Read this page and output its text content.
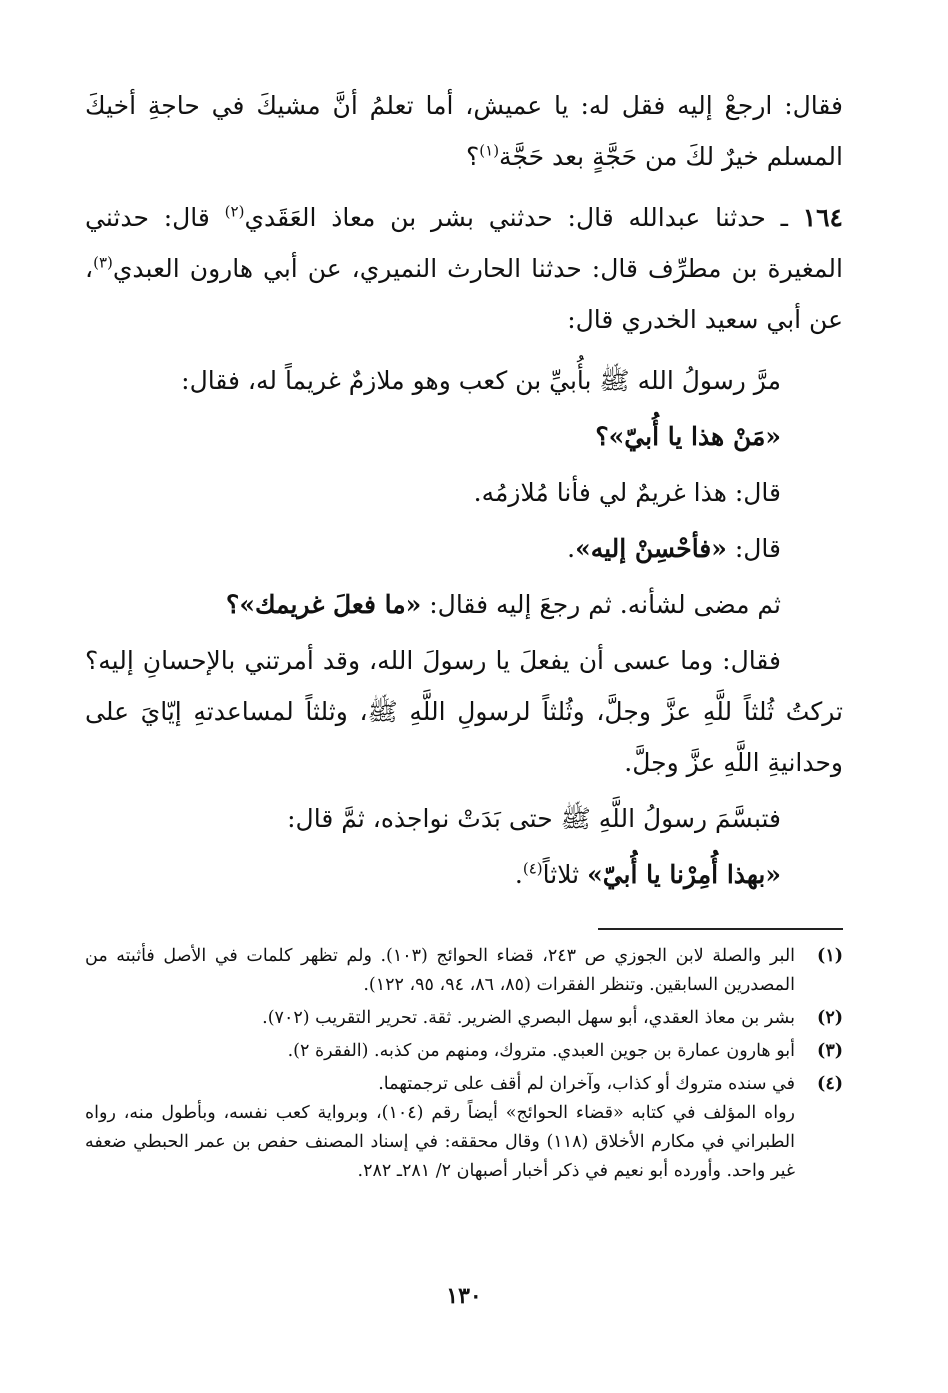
فقال: ارجعْ إليه فقل له: يا عميش، أما تعلمُ أنَّ مشيكَ في حاجةِ أخيكَ المسلم خيرٌ لكَ من حَجَّةٍ بعد حَجَّة$^{(١)}$؟

١٦٤ ـ حدثنا عبدالله قال: حدثني بشر بن معاذ العَقَدي$^{(٢)}$ قال: حدثني المغيرة بن مطرِّف قال: حدثنا الحارث النميري، عن أبي هارون العبدي$^{(٣)}$، عن أبي سعيد الخدري قال:

مرَّ رسولُ الله ﷺ بأُبيِّ بن كعب وهو ملازمٌ غريماً له، فقال:

«مَنْ هذا يا أُبيّ»؟

قال: هذا غريمٌ لي فأنا مُلازمُه.

قال: «فأحْسِنْ إليه».

ثم مضى لشأنه. ثم رجعَ إليه فقال: «ما فعلَ غريمك»؟

فقال: وما عسى أن يفعلَ يا رسولَ الله، وقد أمرتني بالإحسانِ إليه؟ تركتُ ثُلثاً للَّهِ عزَّ وجلَّ، وثُلثاً لرسولِ اللَّهِ ﷺ، وثلثاً لمساعدتهِ إيّايَ على وحدانيةِ اللَّهِ عزَّ وجلَّ.

فتبسَّمَ رسولُ اللَّهِ ﷺ حتى بَدَتْ نواجذه، ثمَّ قال:

«بهذا أُمِرْنا يا أُبيّ» ثلاثاً$^{(٤)}$.

(١)
البر والصلة لابن الجوزي ص ٢٤٣، قضاء الحوائج (١٠٣). ولم تظهر كلمات في الأصل فأثبته من المصدرين السابقين. وتنظر الفقرات (٨٥، ٨٦، ٩٤، ٩٥، ١٢٢).
(٢)
بشر بن معاذ العقدي، أبو سهل البصري الضرير. ثقة. تحرير التقريب (٧٠٢).
(٣)
أبو هارون عمارة بن جوين العبدي. متروك، ومنهم من كذبه. (الفقرة ٢).
(٤)
في سنده متروك أو كذاب، وآخران لم أقف على ترجمتهما.

رواه المؤلف في كتابه «قضاء الحوائج» أيضاً رقم (١٠٤)، وبرواية كعب نفسه، وبأطول منه، رواه الطبراني في مكارم الأخلاق (١١٨) وقال محققه: في إسناد المصنف حفص بن عمر الحبطي ضعفه غير واحد. وأورده أبو نعيم في ذكر أخبار أصبهان ٢/ ٢٨١ـ ٢٨٢.

١٣٠
